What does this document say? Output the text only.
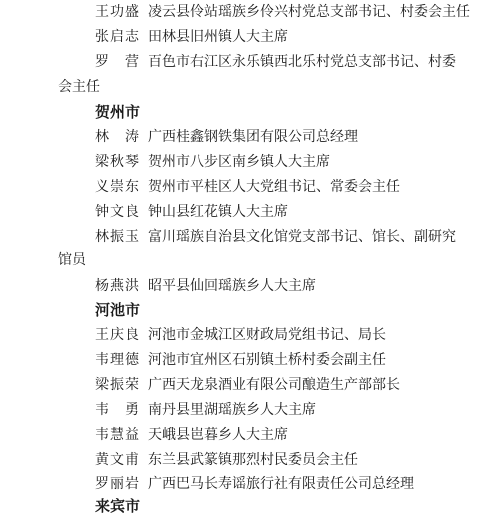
王 功 盛 凌云县伶站瑶族乡伶兴村党总支部书记、村委会主任
张 启 志 田林县旧州镇人大主席
罗 营 百色市右江区永乐镇西北乐村党总支部书记、村委
会主任
贺州市
林 涛 广西桂鑫钢铁集团有限公司总经理
梁 秋 琴 贺州市八步区南乡镇人大主席
义 崇 东 贺州市平桂区人大党组书记、常委会主任
钟 文 良 钟山县红花镇人大主席
林 振 玉 富川瑶族自治县文化馆党支部书记、馆长、副研究
馆员
杨 燕 洪 昭平县仙回瑶族乡人大主席
河池市
王 庆 良 河池市金城江区财政局党组书记、局长
韦 理 德 河池市宜州区石别镇土桥村委会副主任
梁 振 荣 广西天龙泉酒业有限公司酿造生产部部长
韦 勇 南丹县里湖瑶族乡人大主席
韦 慧 益 天峨县岜暮乡人大主席
黄 文 甫 东兰县武篆镇那烈村民委员会主任
罗 丽 岩 广西巴马长寿谣旅行社有限责任公司总经理
来宾市
